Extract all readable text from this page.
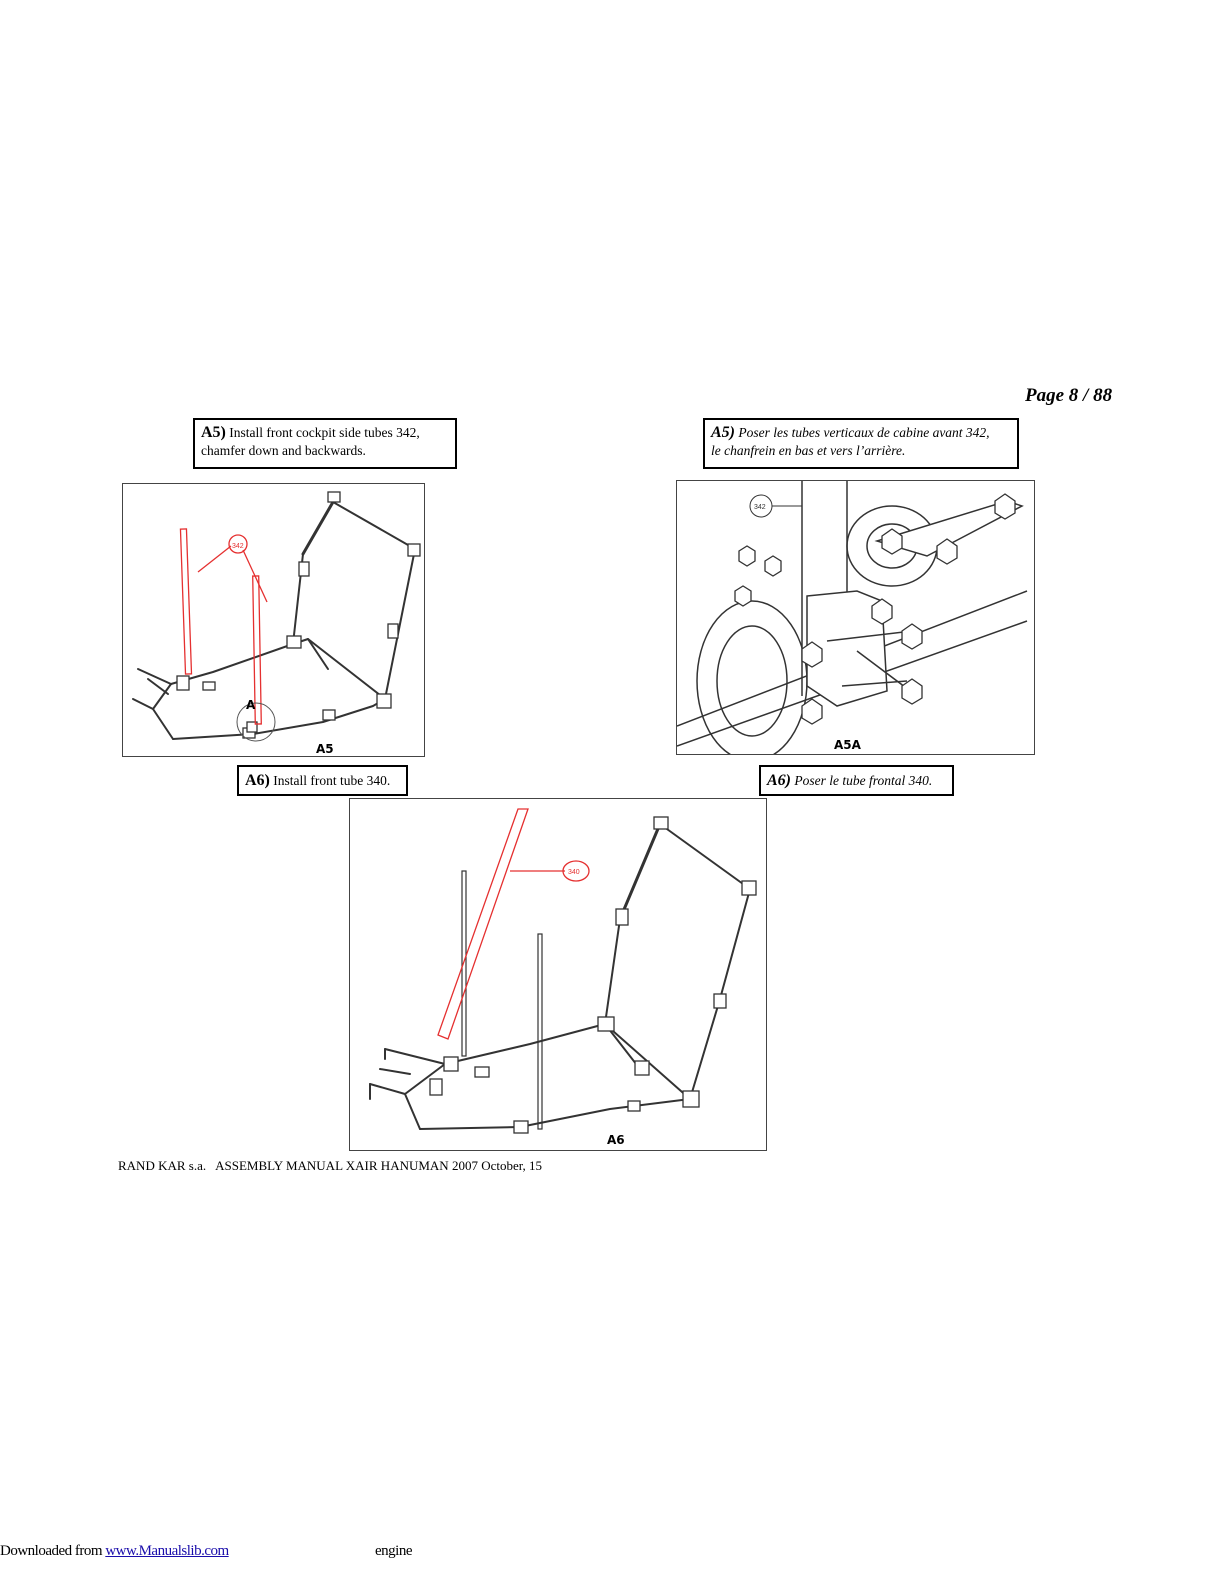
Page 8 / 88
A5) Install front cockpit side tubes 342,
chamfer down and backwards.
A5) Poser les tubes verticaux de cabine avant 342,
le chanfrein en bas et vers l’arrière.
342
A
A5
342
A5A
A6) Install front tube 340.	A6) Poser le tube frontal 340.
340
A6
RAND KAR s.a.   ASSEMBLY MANUAL XAIR HANUMAN 2007 October, 15
Downloaded from www.Manualslib.com	engine
